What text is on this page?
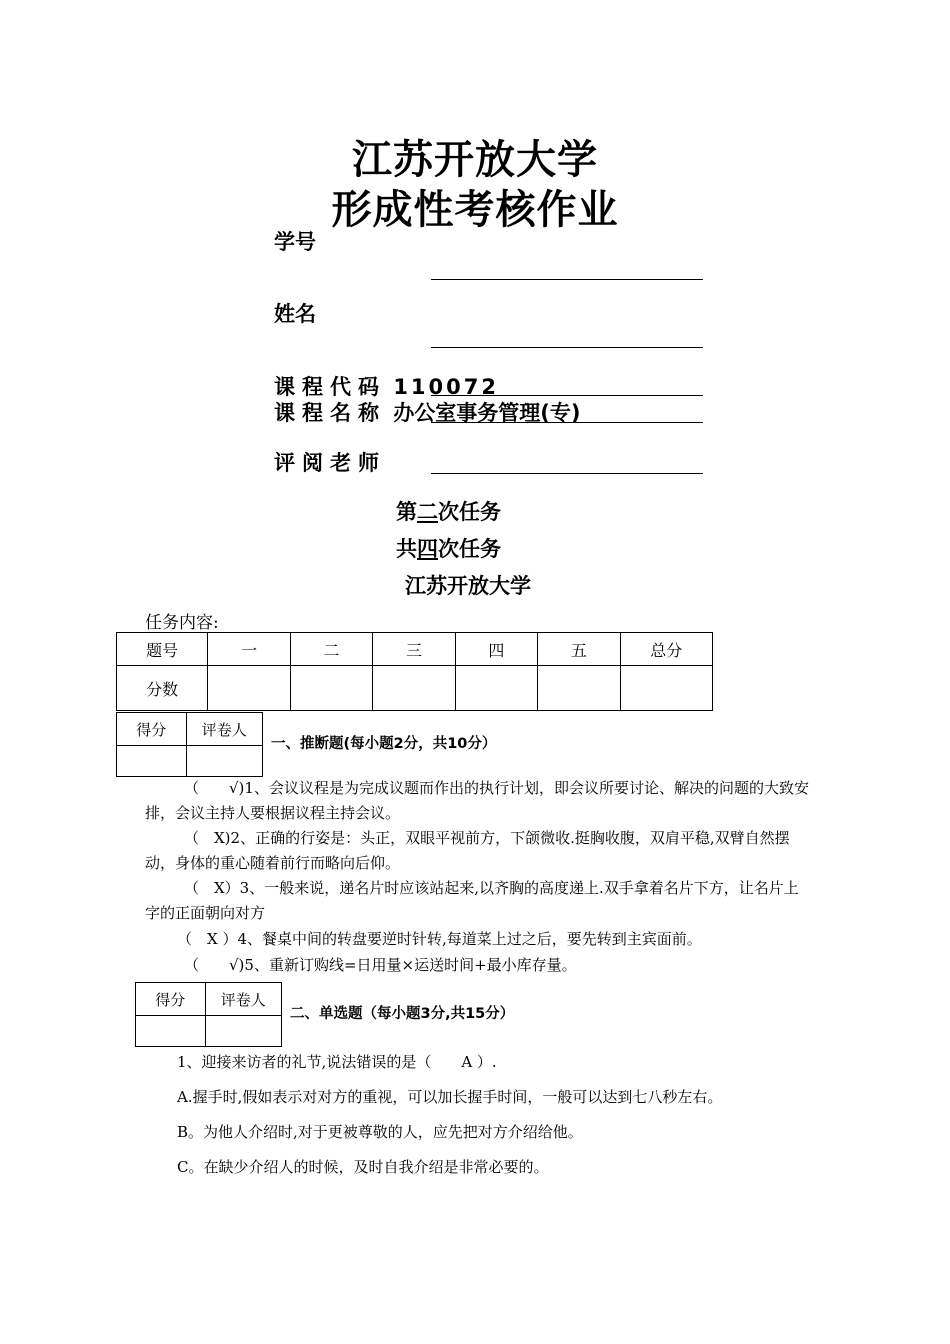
江苏开放大学
形成性考核作业
学号
姓名
课程代码 110072
课程名称 办公室事务管理(专)
评阅老师
第二次任务
共四次任务
江苏开放大学
任务内容:
题号	一	二	三	四	五	总分
分数						
得分	评卷人

一、推断题(每小题2分，共10分）
（　　√)1、会议议程是为完成议题而作出的执行计划，即会议所要讨论、解决的问题的大致安排，会议主持人要根据议程主持会议。
（　X)2、正确的行姿是：头正，双眼平视前方，下颌微收.挺胸收腹，双肩平稳,双臂自然摆动，身体的重心随着前行而略向后仰。
（　X）3、一般来说，递名片时应该站起来,以齐胸的高度递上.双手拿着名片下方，让名片上字的正面朝向对方
（　X ）4、餐桌中间的转盘要逆时针转,每道菜上过之后，要先转到主宾面前。
（　　√)5、重新订购线=日用量×运送时间+最小库存量。
得分	评卷人

二、单选题（每小题3分,共15分）
1、迎接来访者的礼节,说法错误的是（　　A ）.
A.握手时,假如表示对对方的重视，可以加长握手时间，一般可以达到七八秒左右。
B。为他人介绍时,对于更被尊敬的人，应先把对方介绍给他。
C。在缺少介绍人的时候，及时自我介绍是非常必要的。
